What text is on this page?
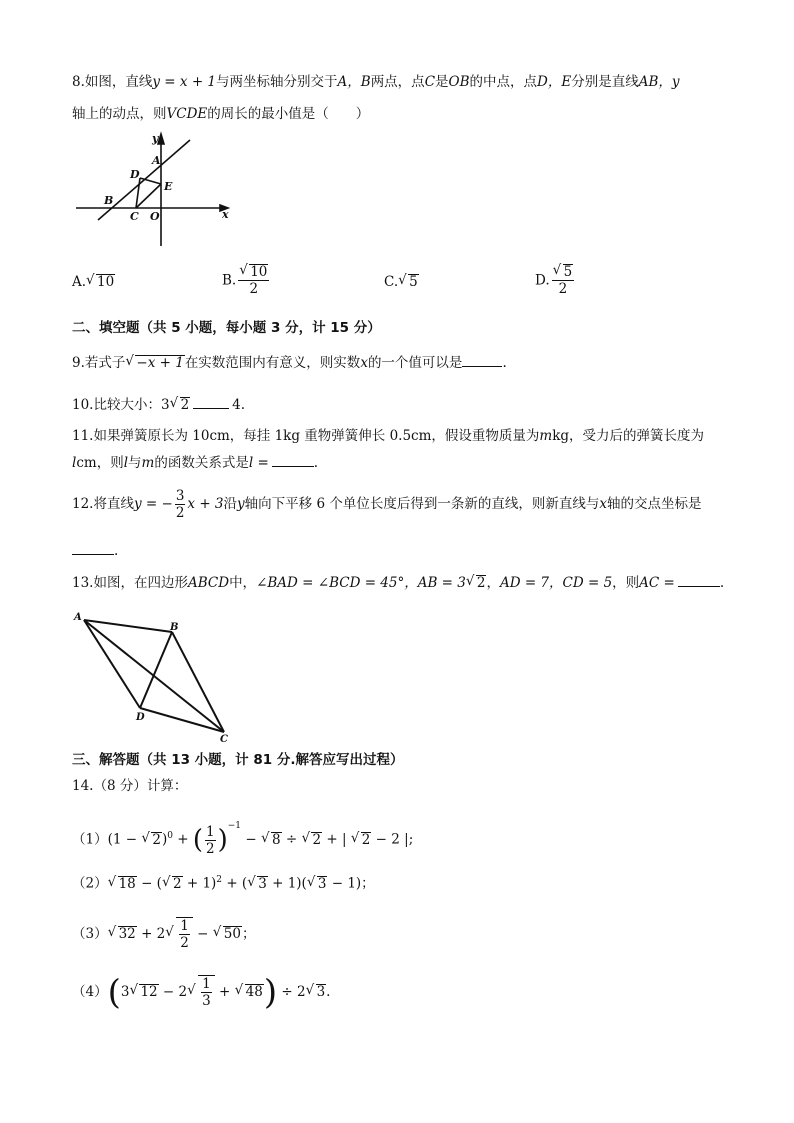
8.如图，直线y = x + 1与两坐标轴分别交于A，B两点，点C是OB的中点，点D，E分别是直线AB，y
轴上的动点，则VCDE的周长的最小值是（　　）
y
x
A
B
C O
D
E
A. √ 10	B. √ $\frac{10}{2}$	C. √ 5	D. √ $\frac{5}{2}$
二、填空题（共 5 小题，每小题 3 分，计 15 分）
9.若式子 √ −x + 1在实数范围内有意义，则实数x的一个值可以是	.
10.比较大小：3 √ 2	4.
11.如果弹簧原长为 10cm，每挂 1kg 重物弹簧伸长 0.5cm，假设重物质量为mkg，受力后的弹簧长度为
lcm，则l与m的函数关系式是l =	.
12.将直线y = − $\frac{3}{2}$ x + 3沿y轴向下平移 6 个单位长度后得到一条新的直线，则新直线与x轴的交点坐标是
.
13.如图，在四边形ABCD中，∠BAD = ∠BCD = 45°，AB = 3 √ 2，AD = 7，CD = 5，则AC =	.
A
B
C
D
三、解答题（共 13 小题，计 81 分.解答应写出过程）
14.（8 分）计算：
（1）(1 − √ 2)$^0$ + ( $\frac{1}{2} )^{-1}$ − √ 8 ÷ √ 2 + | √ 2 − 2 |;
（2） √ 18 − ( √ 2 + 1)$^2$ + ( √ 3 + 1)( √ 3 − 1)；
（3） √ 32 + 2 √ $\frac{1}{2}$ − √ 50；
（4）(3 √ 12 − 2 √ $\frac{1}{3}$ + √ 48) ÷ 2 √ 3.
